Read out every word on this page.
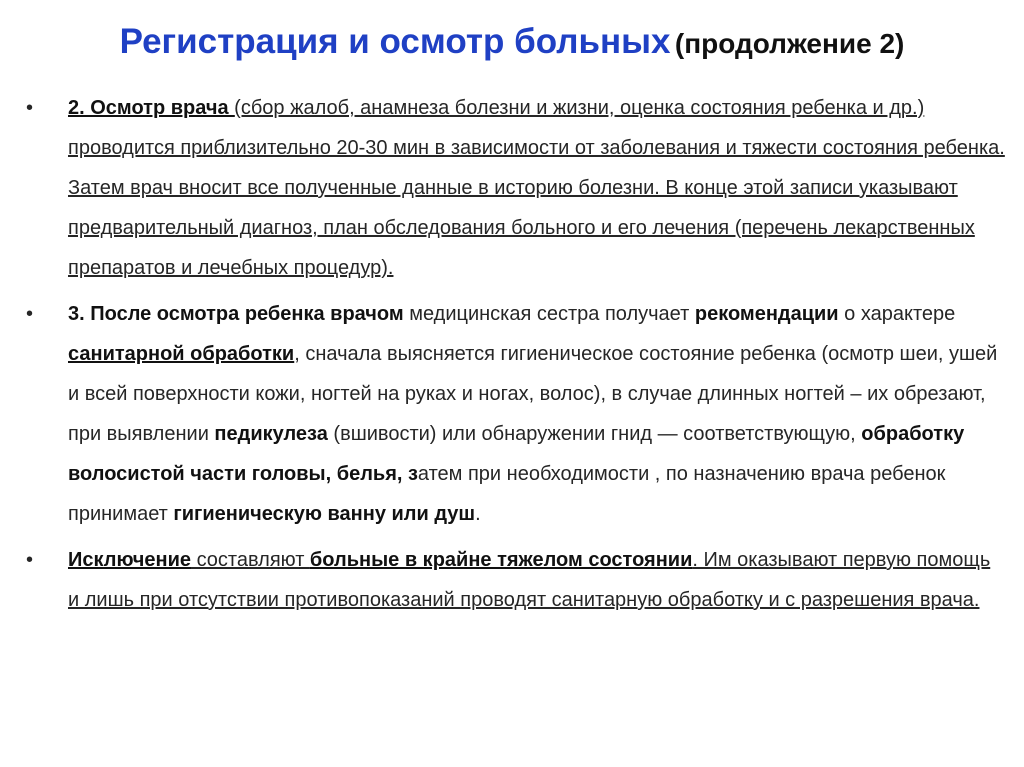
Регистрация и осмотр больных (продолжение 2)
• 2. Осмотр врача (сбор жалоб, анамнеза болезни и жизни, оценка состояния ребенка и др.) проводится приблизительно 20-30 мин в зависимости от заболевания и тяжести состояния ребенка. Затем врач вносит все полученные данные в историю болезни. В конце этой записи указывают предварительный диагноз, план обследования больного и его лечения (перечень лекарственных препаратов и лечебных процедур).
• 3. После осмотра ребенка врачом медицинская сестра получает рекомендации о характере санитарной обработки, сначала выясняется гигиеническое состояние ребенка (осмотр шеи, ушей и всей поверхности кожи, ногтей на руках и ногах, волос), в случае длинных ногтей – их обрезают, при выявлении педикулеза (вшивости) или обнаружении гнид — соответствующую, обработку волосистой части головы, белья, затем при необходимости , по назначению врача ребенок принимает гигиеническую ванну или душ.
• Исключение составляют больные в крайне тяжелом состоянии. Им оказывают первую помощь и лишь при отсутствии противопоказаний проводят санитарную обработку и с разрешения врача.
